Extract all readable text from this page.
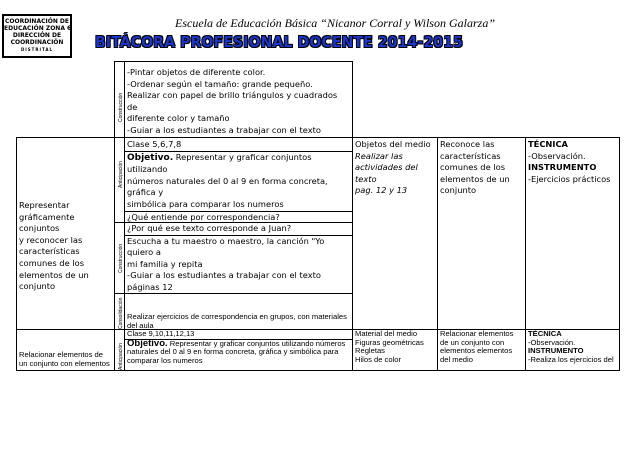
COORDINACIÓN DE
EDUCACIÓN ZONA 6
DIRECCIÓN DE
COORDINACIÓN
DISTRITAL
Escuela de Educación Básica “Nicanor Corral y Wilson Galarza”
BITÁCORA PROFESIONAL DOCENTE 2014-2015
Construcción
-Pintar objetos de diferente color.
-Ordenar según el tamaño: grande pequeño.
Realizar con papel de brillo triángulos y cuadrados de
diferente color y tamaño
-Guiar a los estudiantes a trabajar con el texto
Representar
gráficamente conjuntos
y reconocer las
características
comunes de los
elementos de un
conjunto
Anticipación
Clase 5,6,7,8
Objetivo. Representar y graficar conjuntos utilizando
números naturales del 0 al 9 en forma concreta, gráfica y
simbólica para comparar los numeros
¿Qué entiende por correspondencia?
Construcción
¿Por qué ese texto corresponde a Juan?
Escucha a tu maestro o maestro, la canción "Yo quiero a
mi familia y repita
-Guiar a los estudiantes a trabajar con el texto páginas 12
Consolidación Realizar ejercicios de correspondencia en grupos, con materiales
del aula
Objetos del medio
Realizar las
actividades del texto
pag. 12 y 13
Reconoce las
características
comunes de los
elementos de un
conjunto
TÉCNICA
-Observación.
INSTRUMENTO
-Ejercicios prácticos
Relacionar elementos de
un conjunto con elementos	Anticipación
Clase 9,10,11,12,13
Objetivo. Representar y graficar conjuntos utilizando números
naturales del 0 al 9 en forma concreta, gráfica y simbólica para
comparar los numeros
Material del medio
Figuras geométricas
Regletas
Hilos de color
Relacionar elementos
de un conjunto con
elementos elementos
del medio
TÉCNICA
-Observación.
INSTRUMENTO
-Realiza los ejercicios del
